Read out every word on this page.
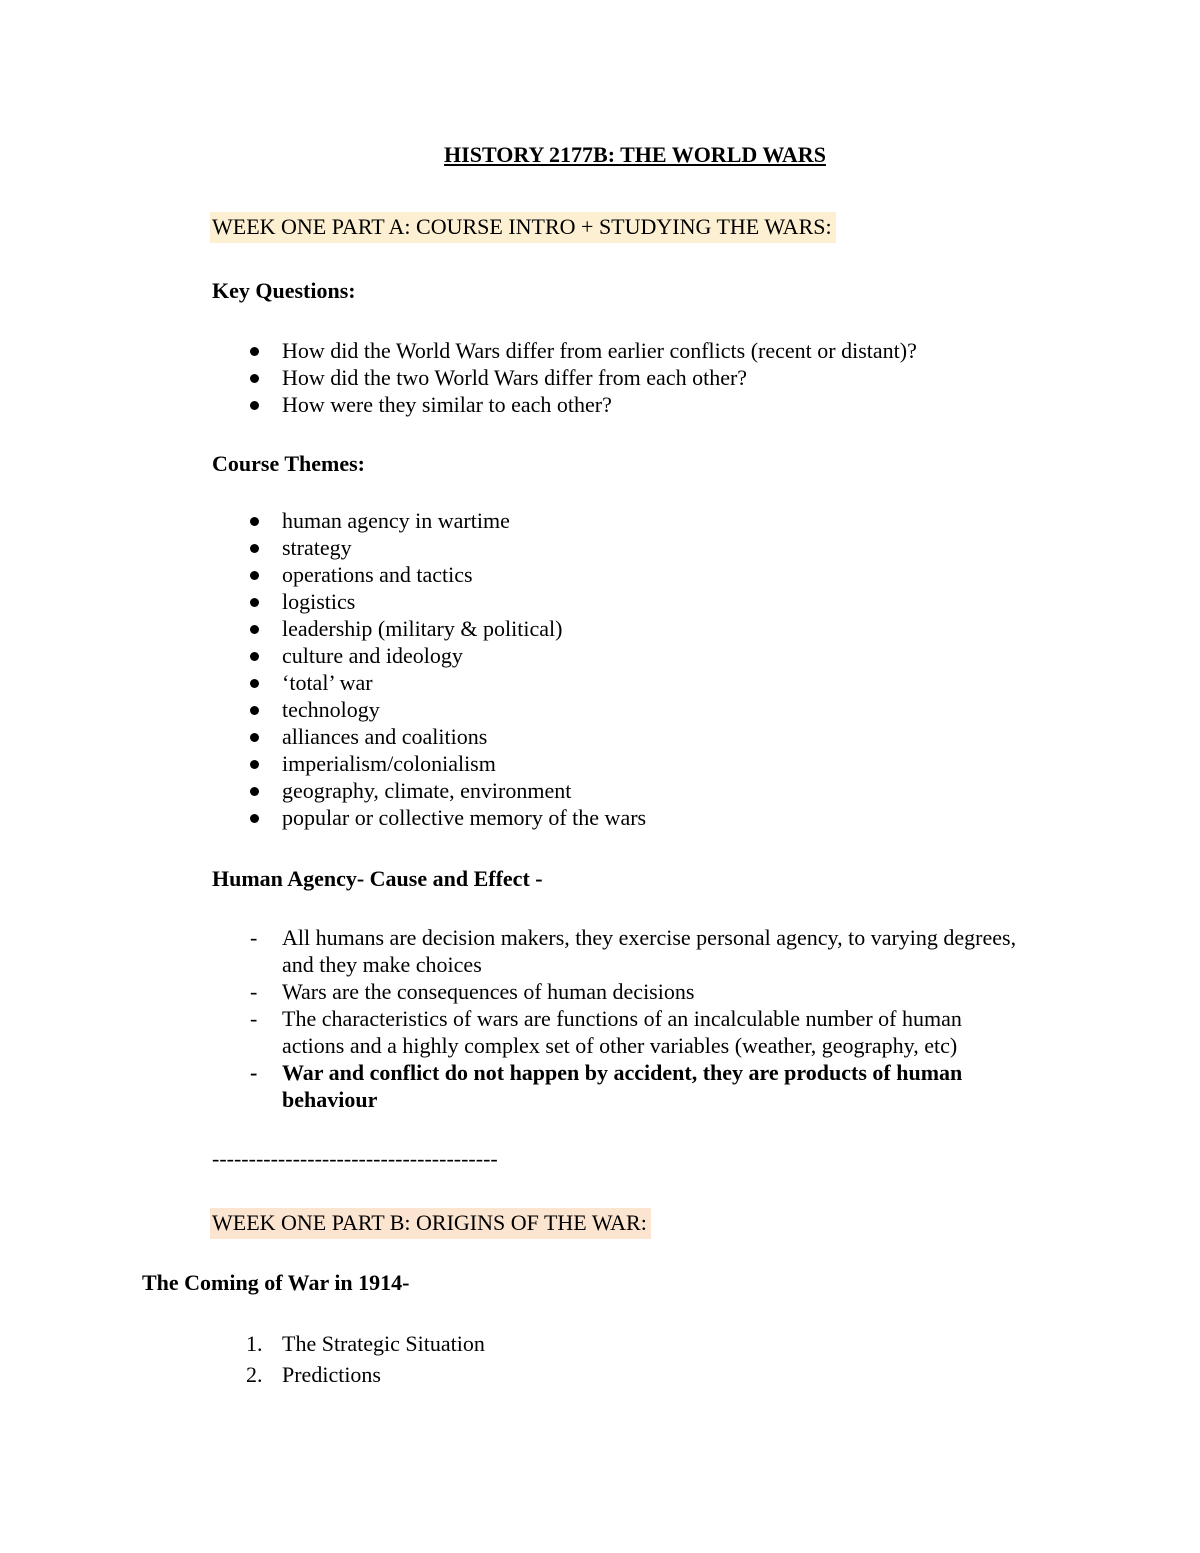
HISTORY 2177B: THE WORLD WARS
WEEK ONE PART A: COURSE INTRO + STUDYING THE WARS:
Key Questions:
How did the World Wars differ from earlier conflicts (recent or distant)?
How did the two World Wars differ from each other?
How were they similar to each other?
Course Themes:
human agency in wartime
strategy
operations and tactics
logistics
leadership (military & political)
culture and ideology
‘total’ war
technology
alliances and coalitions
imperialism/colonialism
geography, climate, environment
popular or collective memory of the wars
Human Agency- Cause and Effect -
- All humans are decision makers, they exercise personal agency, to varying degrees, and they make choices
- Wars are the consequences of human decisions
- The characteristics of wars are functions of an incalculable number of human actions and a highly complex set of other variables (weather, geography, etc)
- War and conflict do not happen by accident, they are products of human behaviour
---------------------------------------
WEEK ONE PART B: ORIGINS OF THE WAR:
The Coming of War in 1914-
1. The Strategic Situation
2. Predictions
